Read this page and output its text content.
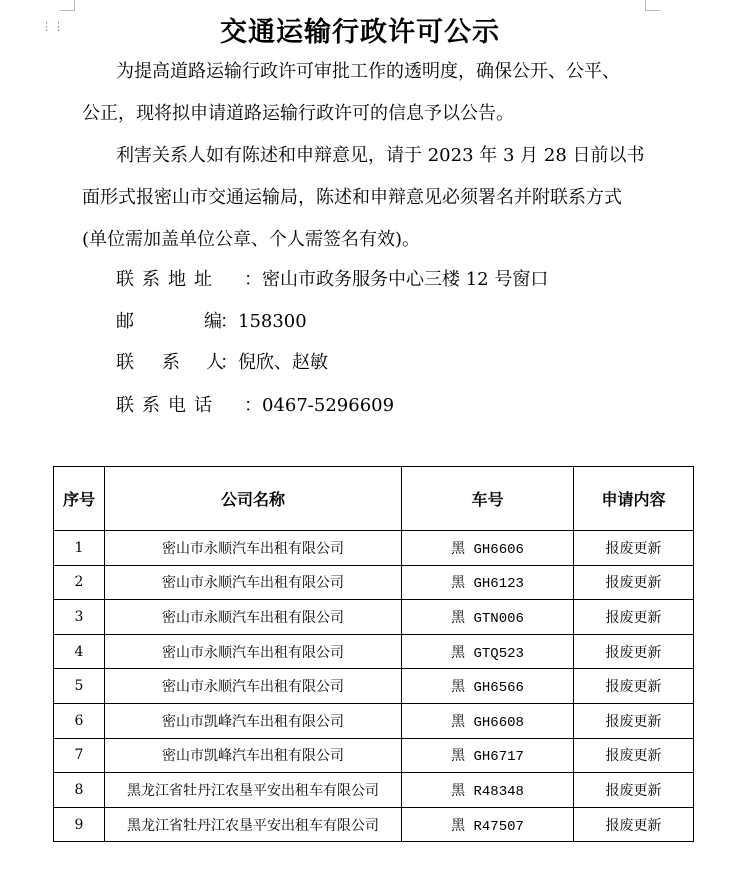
⋮⋮	交通运输行政许可公示
为提高道路运输行政许可审批工作的透明度，确保公开、公平、
公正，现将拟申请道路运输行政许可的信息予以公告。
利害关系人如有陈述和申辩意见，请于 2023 年 3 月 28 日前以书
面形式报密山市交通运输局，陈述和申辩意见必须署名并附联系方式
(单位需加盖单位公章、个人需签名有效)。
联系地址 ：密山市政务服务中心三楼 12 号窗口
邮	编：158300
联 系 人：倪欣、赵敏
联系电话 ：0467-5296609
序号	公司名称	车号	申请内容
1	密山市永顺汽车出租有限公司	黑 GH6606	报废更新
2	密山市永顺汽车出租有限公司	黑 GH6123	报废更新
3	密山市永顺汽车出租有限公司	黑 GTN006	报废更新
4	密山市永顺汽车出租有限公司	黑 GTQ523	报废更新
5	密山市永顺汽车出租有限公司	黑 GH6566	报废更新
6	密山市凯峰汽车出租有限公司	黑 GH6608	报废更新
7	密山市凯峰汽车出租有限公司	黑 GH6717	报废更新
8	黑龙江省牡丹江农垦平安出租车有限公司	黑 R48348	报废更新
9	黑龙江省牡丹江农垦平安出租车有限公司	黑 R47507	报废更新
